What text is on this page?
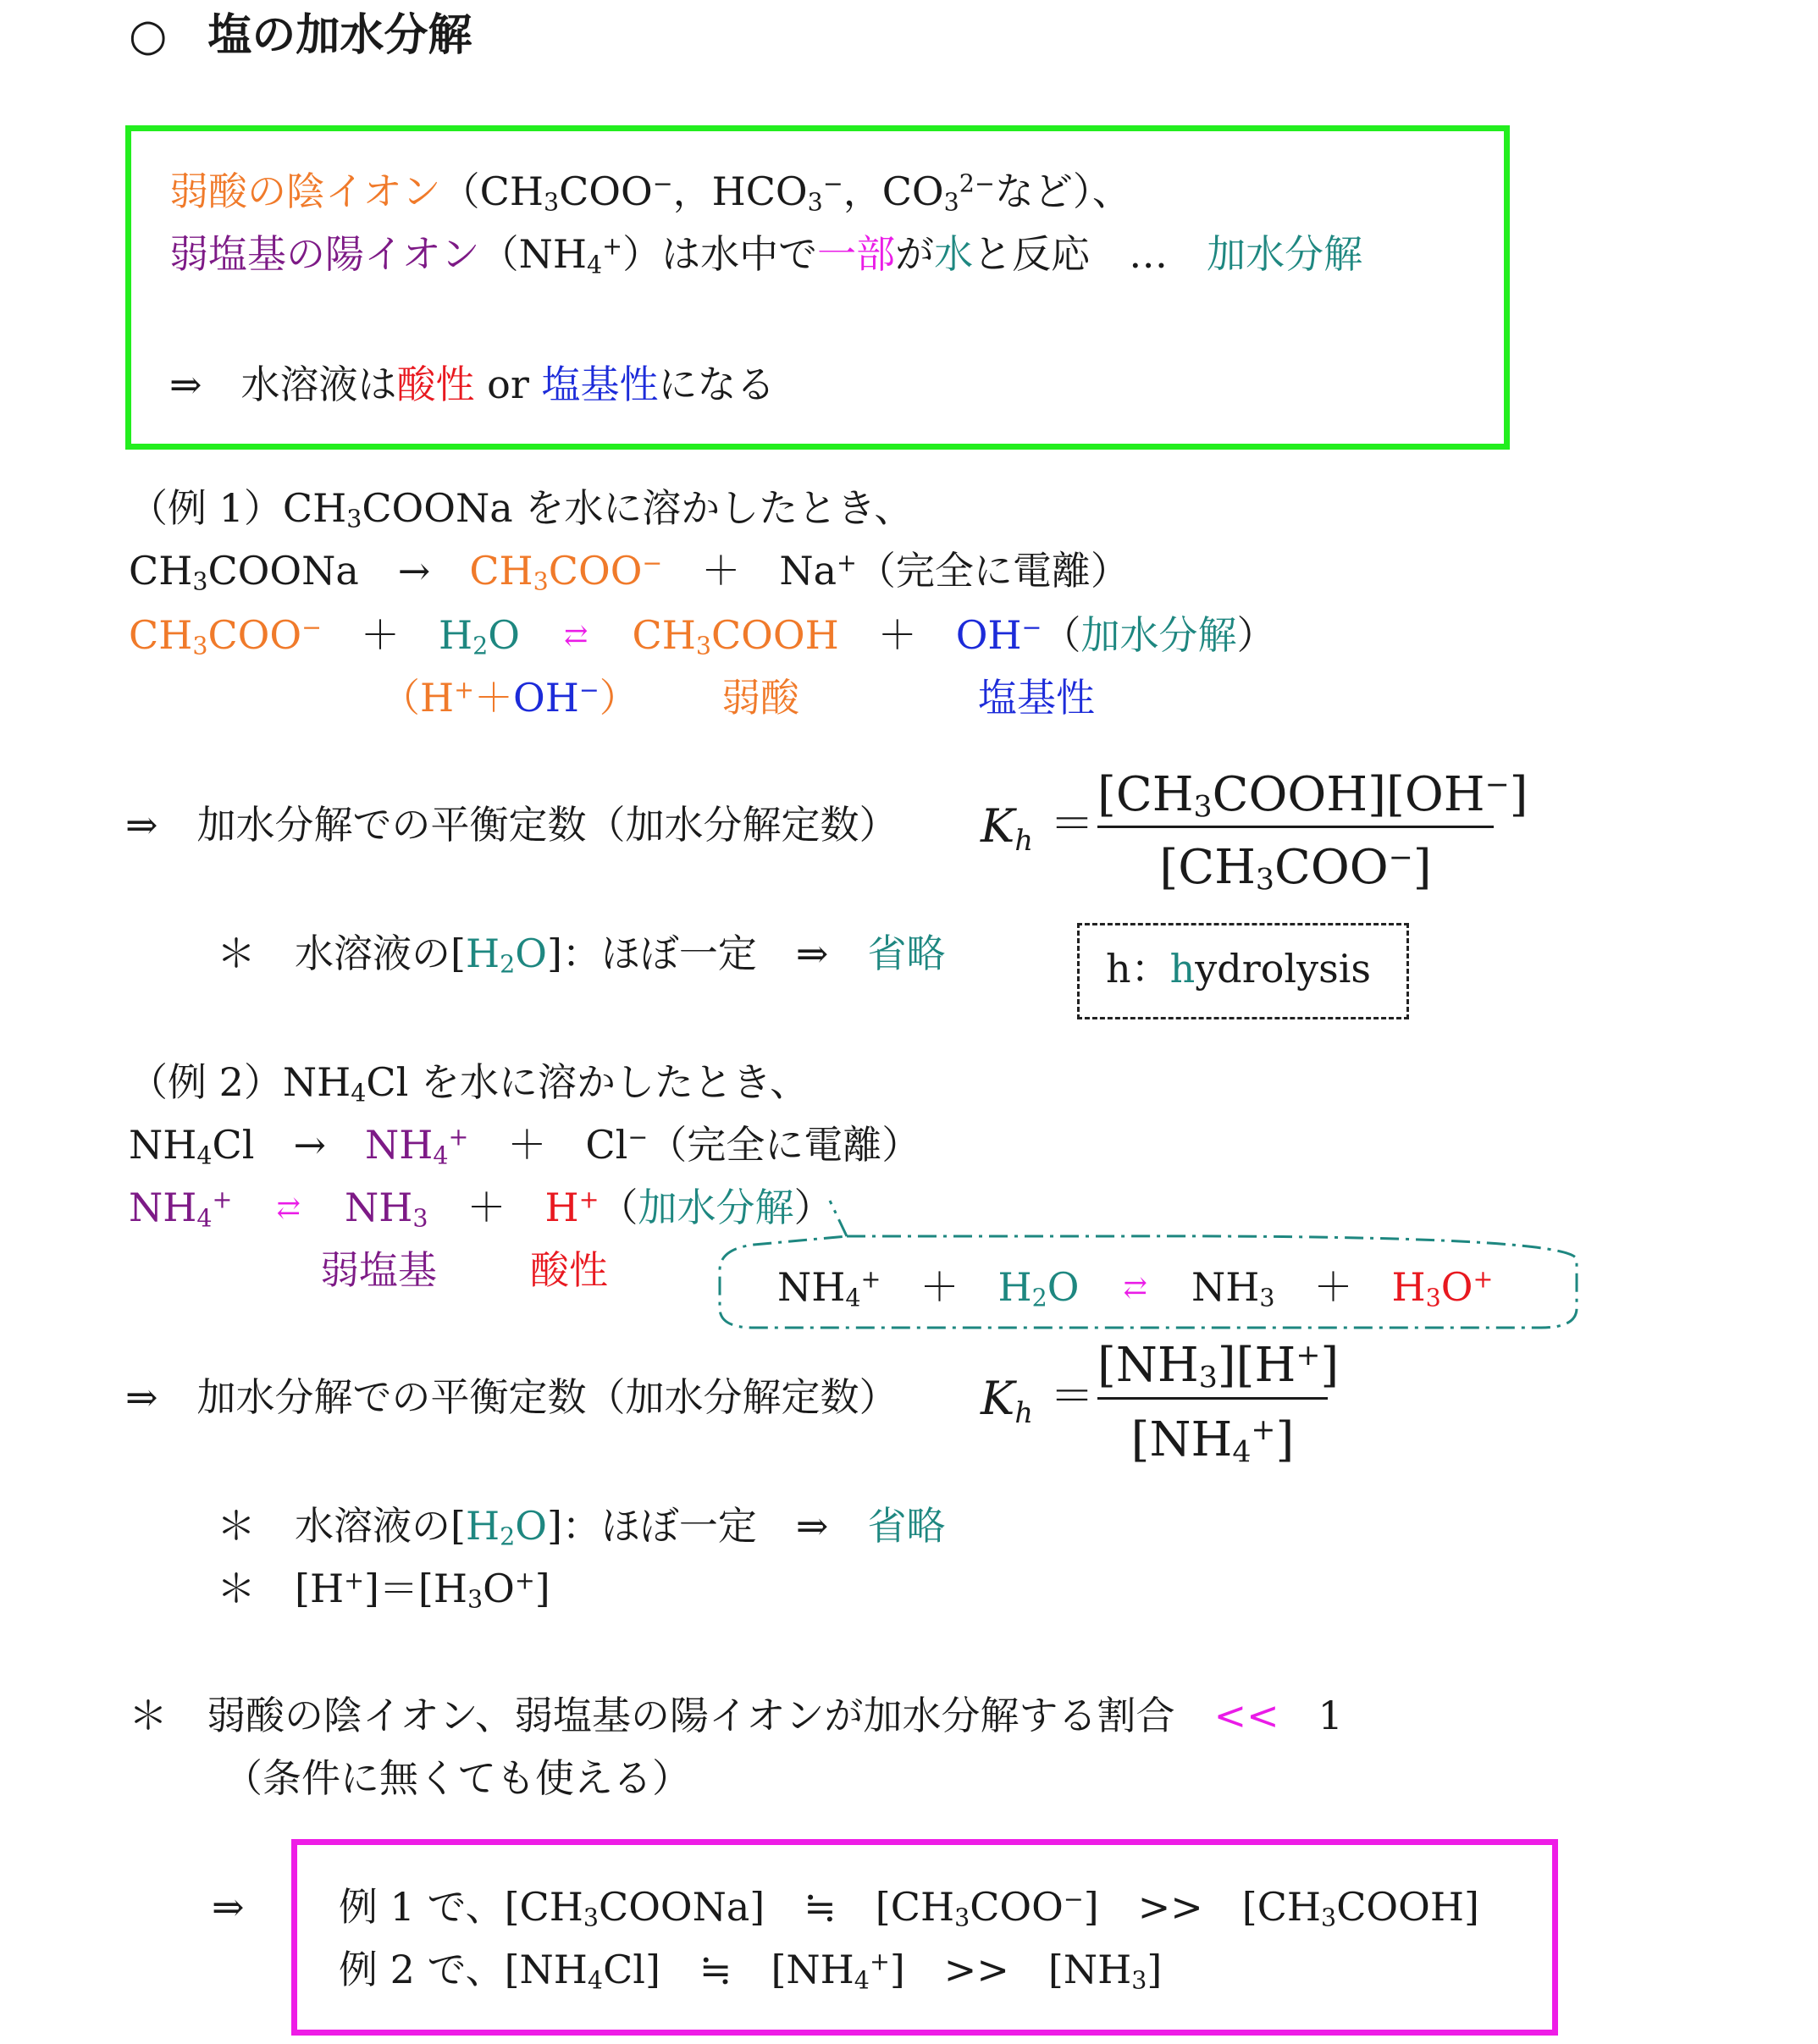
○ 塩の加水分解
弱酸の陰イオン（CH3COO−，HCO3−，$CO3^{2-}$など）、
弱塩基の陽イオン（NH4+）は水中で一部が水と反応　…　加水分解
⇒　水溶液は酸性 or 塩基性になる
（例 1）CH3COONa を水に溶かしたとき、
CH3COONa　→　CH3COO−　＋　Na+（完全に電離）
CH3COO−　＋　H2O ⇄ CH3COOH　＋　OH−（加水分解）
（H+＋OH−） 弱酸	塩基性
⇒　加水分解での平衡定数（加水分解定数） $K_h$ ＝
[CH3COOH][OH−]
[CH3COO−]
＊　水溶液の[H2O]：ほぼ一定　⇒　省略	h：hydrolysis
（例 2）NH4Cl を水に溶かしたとき、
NH4Cl　→　NH4+　＋　Cl−（完全に電離）
NH4+ ⇄ NH3　＋　H+（加水分解）
弱塩基 酸性	NH4+　＋　H2O ⇄ NH3　＋　H3O+
⇒　加水分解での平衡定数（加水分解定数） $K_h$ ＝
[NH3][H+]
[NH4+]
＊　水溶液の[H2O]：ほぼ一定　⇒　省略
＊　[H+]＝[H3O+]
＊　弱酸の陰イオン、弱塩基の陽イオンが加水分解する割合　<<　1
（条件に無くても使える）
⇒ 例 1 で、[CH3COONa]　≒　[CH3COO−]　>>　[CH3COOH]
例 2 で、[NH4Cl]　≒　[NH4+]　>>　[NH3]
